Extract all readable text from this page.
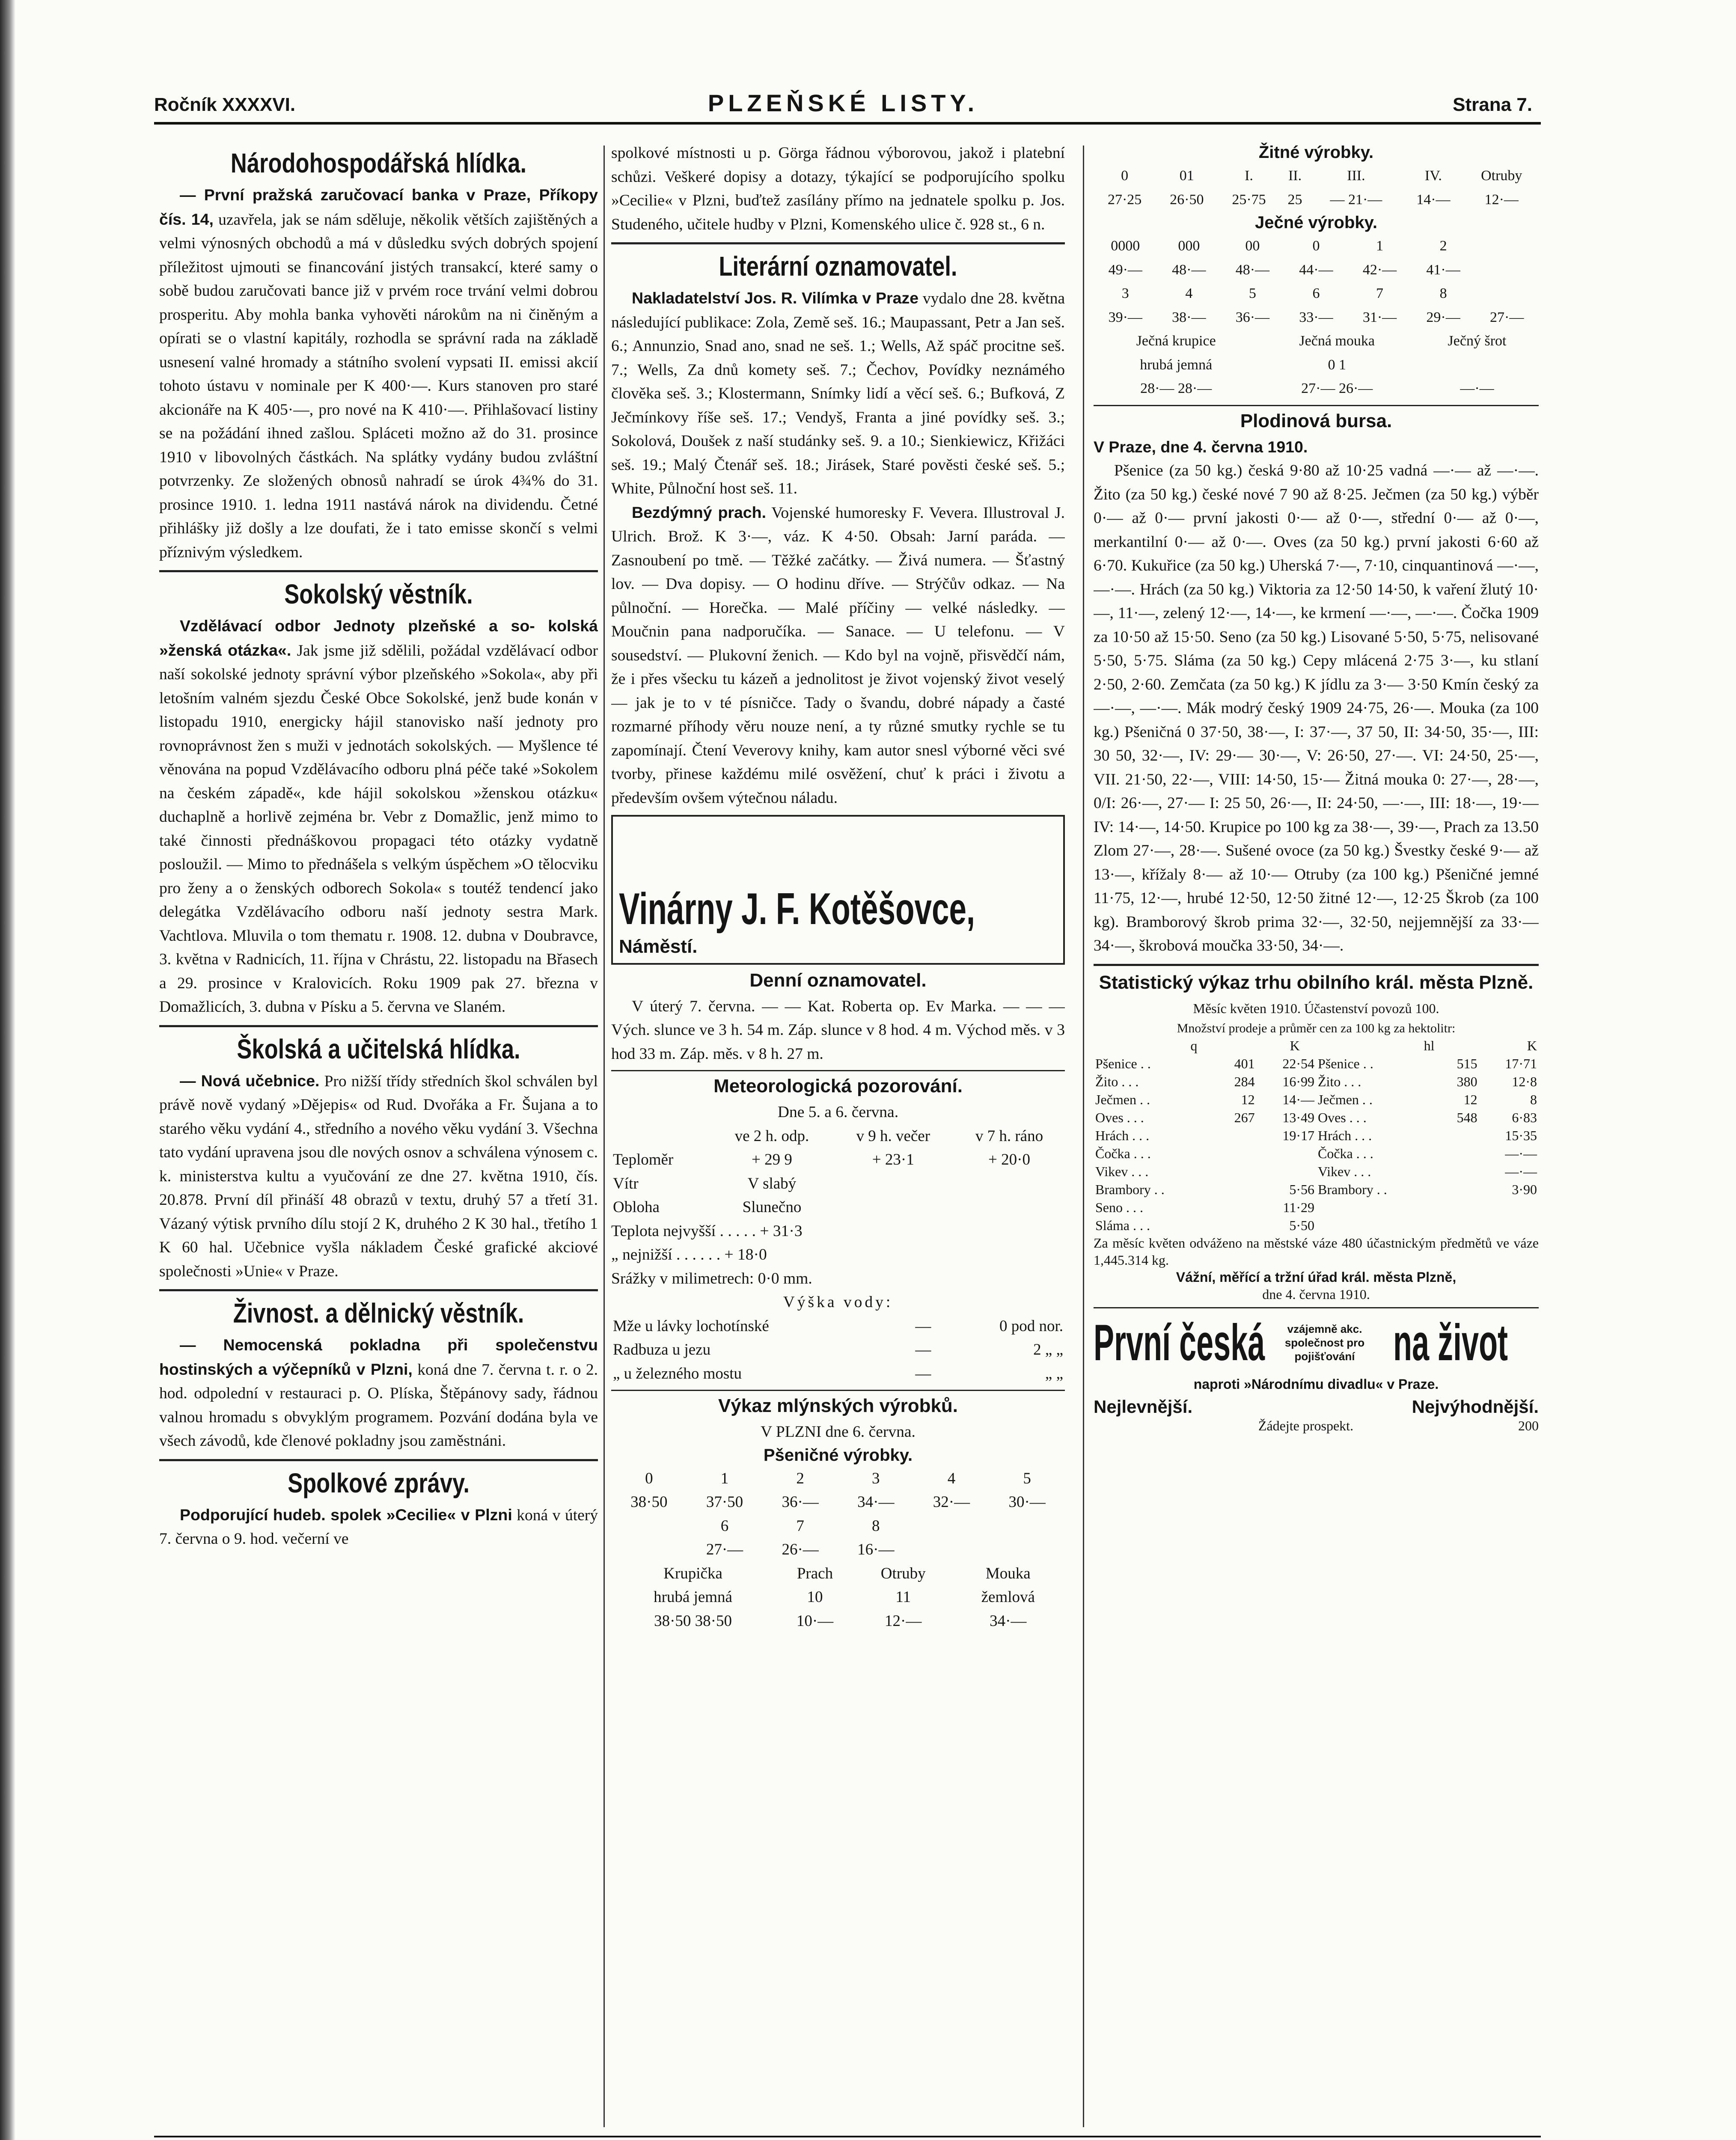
Ročník XXXXVI.	PLZEŇSKÉ LISTY.	Strana 7.
Národohospodářská hlídka.

— První pražská zaručovací banka v Praze, Příkopy čís. 14, uzavřela, jak se nám sděluje, několik větších zajištěných a velmi výnosných obchodů a má v důsledku svých dobrých spojení příležitost ujmouti se financování jistých transakcí, které samy o sobě budou zaručovati bance již v prvém roce trvání velmi dobrou prosperitu. Aby mohla banka vyhověti nárokům na ni činěným a opírati se o vlastní kapitály, rozhodla se správní rada na základě usnesení valné hromady a státního svolení vypsati II. emissi akcií tohoto ústavu v nominale per K 400·—. Kurs stanoven pro staré akcionáře na K 405·—, pro nové na K 410·—. Přihlašovací listiny se na požádání ihned zašlou. Spláceti možno až do 31. prosince 1910 v libovolných částkách. Na splátky vydány budou zvláštní potvrzenky. Ze složených obnosů nahradí se úrok 4¾% do 31. prosince 1910. 1. ledna 1911 nastává nárok na dividendu. Četné přihlášky již došly a lze doufati, že i tato emisse skončí s velmi příznivým výsledkem.

Sokolský věstník.

Vzdělávací odbor Jednoty plzeňské a so- kolská »ženská otázka«. Jak jsme již sdělili, požádal vzdělávací odbor naší sokolské jednoty správní výbor plzeňského »Sokola«, aby při letošním valném sjezdu České Obce Sokolské, jenž bude konán v listopadu 1910, energicky hájil stanovisko naší jednoty pro rovnoprávnost žen s muži v jednotách sokolských. — Myšlence té věnována na popud Vzdělávacího odboru plná péče také »Sokolem na českém západě«, kde hájil sokolskou »ženskou otázku« duchaplně a horlivě zejména br. Vebr z Domažlic, jenž mimo to také činnosti přednáškovou propagaci této otázky vydatně posloužil. — Mimo to přednášela s velkým úspěchem »O tělocviku pro ženy a o ženských odborech Sokola« s toutéž tendencí jako delegátka Vzdělávacího odboru naší jednoty sestra Mark. Vachtlova. Mluvila o tom thematu r. 1908. 12. dubna v Doubravce, 3. května v Radnicích, 11. října v Chrástu, 22. listopadu na Břasech a 29. prosince v Kralovicích. Roku 1909 pak 27. března v Domažlicích, 3. dubna v Písku a 5. června ve Slaném.

Školská a učitelská hlídka.

— Nová učebnice. Pro nižší třídy středních škol schválen byl právě nově vydaný »Dějepis« od Rud. Dvořáka a Fr. Šujana a to starého věku vydání 4., středního a nového věku vydání 3. Všechna tato vydání upravena jsou dle nových osnov a schválena výnosem c. k. ministerstva kultu a vyučování ze dne 27. května 1910, čís. 20.878. První díl přináší 48 obrazů v textu, druhý 57 a třetí 31. Vázaný výtisk prvního dílu stojí 2 K, druhého 2 K 30 hal., třetího 1 K 60 hal. Učebnice vyšla nákladem České grafické akciové společnosti »Unie« v Praze.

Živnost. a dělnický věstník.

— Nemocenská pokladna při společenstvu hostinských a výčepníků v Plzni, koná dne 7. června t. r. o 2. hod. odpolední v restauraci p. O. Plíska, Štěpánovy sady, řádnou valnou hromadu s obvyklým programem. Pozvání dodána byla ve všech závodů, kde členové pokladny jsou zaměstnáni.

Spolkové zprávy.

Podporující hudeb. spolek »Cecilie« v Plzni koná v úterý 7. června o 9. hod. večerní ve

spolkové místnosti u p. Görga řádnou výborovou, jakož i platební schůzi. Veškeré dopisy a dotazy, týkající se podporujícího spolku »Cecilie« v Plzni, buďtež zasílány přímo na jednatele spolku p. Jos. Studeného, učitele hudby v Plzni, Komenského ulice č. 928 st., 6 n.

Literární oznamovatel.

Nakladatelství Jos. R. Vilímka v Praze vydalo dne 28. května následující publikace: Zola, Země seš. 16.; Maupassant, Petr a Jan seš. 6.; Annunzio, Snad ano, snad ne seš. 1.; Wells, Až spáč procitne seš. 7.; Wells, Za dnů komety seš. 7.; Čechov, Povídky neznámého člověka seš. 3.; Klostermann, Snímky lidí a věcí seš. 6.; Bufková, Z Ječmínkovy říše seš. 17.; Vendyš, Franta a jiné povídky seš. 3.; Sokolová, Doušek z naší studánky seš. 9. a 10.; Sienkiewicz, Křižáci seš. 19.; Malý Čtenář seš. 18.; Jirásek, Staré pověsti české seš. 5.; White, Půlnoční host seš. 11.

Bezdýmný prach. Vojenské humoresky F. Vevera. Illustroval J. Ulrich. Brož. K 3·—, váz. K 4·50. Obsah: Jarní paráda. — Zasnoubení po tmě. — Těžké začátky. — Živá numera. — Šťastný lov. — Dva dopisy. — O hodinu dříve. — Strýčův odkaz. — Na půlnoční. — Horečka. — Malé příčiny — velké následky. — Moučnin pana nadporučíka. — Sanace. — U telefonu. — V sousedství. — Plukovní ženich. — Kdo byl na vojně, přisvědčí nám, že i přes všecku tu kázeň a jednolitost je život vojenský život veselý — jak je to v té písničce. Tady o švandu, dobré nápady a časté rozmarné příhody věru nouze není, a ty různé smutky rychle se tu zapomínají. Čtení Veverovy knihy, kam autor snesl výborné věci své tvorby, přinese každému milé osvěžení, chuť k práci i životu a především ovšem výtečnou náladu.

Vinárny J. F. Kotěšovce,
Náměstí.
Denní oznamovatel.

V úterý 7. června. — — Kat. Roberta op. Ev Marka. — — — Vých. slunce ve 3 h. 54 m. Záp. slunce v 8 hod. 4 m. Východ měs. v 3 hod 33 m. Záp. měs. v 8 h. 27 m.

Meteorologická pozorování.
Dne 5. a 6. června.
	ve 2 h. odp.	v 9 h. večer	v 7 h. ráno
Teploměr	+ 29 9	+ 23·1	+ 20·0
Vítr	V slabý		
Obloha	Slunečno		
Teplota nejvyšší . . . . . + 31·3
„ nejnižší . . . . . . + 18·0
Srážky v milimetrech: 0·0 mm.
Výška vody:
Mže u lávky lochotínské	—	0 pod nor.
Radbuza u jezu	—	2 „ „
„ u železného mostu	—	„ „
Výkaz mlýnských výrobků.
V PLZNI dne 6. června.
Pšeničné výrobky.
0	1	2	3	4	5
38·50	37·50	36·—	34·—	32·—	30·—
	6	7	8		
	27·—	26·—	16·—		
Krupička	Prach	Otruby	Mouka
hrubá jemná	10	11	žemlová
38·50 38·50	10·—	12·—	34·—
Žitné výrobky.
0	01	I.	II.	III.	IV.	Otruby
27·25	26·50	25·75	25	— 21·—	14·—	12·—
Ječné výrobky.
0000	000	00	0	1	2	
49·—	48·—	48·—	44·—	42·—	41·—	
3	4	5	6	7	8	
39·—	38·—	36·—	33·—	31·—	29·—	27·—
Ječná krupice	Ječná mouka	Ječný šrot
hrubá jemná	0 1	
28·— 28·—	27·— 26·—	—·—
Plodinová bursa.
V Praze, dne 4. června 1910.

Pšenice (za 50 kg.) česká 9·80 až 10·25 vadná —·— až —·—. Žito (za 50 kg.) české nové 7 90 až 8·25. Ječmen (za 50 kg.) výběr 0·— až 0·— první jakosti 0·— až 0·—, střední 0·— až 0·—, merkantilní 0·— až 0·—. Oves (za 50 kg.) první jakosti 6·60 až 6·70. Kukuřice (za 50 kg.) Uherská 7·—, 7·10, cinquantinová —·—, —·—. Hrách (za 50 kg.) Viktoria za 12·50 14·50, k vaření žlutý 10·—, 11·—, zelený 12·—, 14·—, ke krmení —·—, —·—. Čočka 1909 za 10·50 až 15·50. Seno (za 50 kg.) Lisované 5·50, 5·75, nelisované 5·50, 5·75. Sláma (za 50 kg.) Cepy mlácená 2·75 3·—, ku stlaní 2·50, 2·60. Zemčata (za 50 kg.) K jídlu za 3·— 3·50 Kmín český za —·—, —·—. Mák modrý český 1909 24·75, 26·—. Mouka (za 100 kg.) Pšeničná 0 37·50, 38·—, I: 37·—, 37 50, II: 34·50, 35·—, III: 30 50, 32·—, IV: 29·— 30·—, V: 26·50, 27·—. VI: 24·50, 25·—, VII. 21·50, 22·—, VIII: 14·50, 15·— Žitná mouka 0: 27·—, 28·—, 0/I: 26·—, 27·— I: 25 50, 26·—, II: 24·50, —·—, III: 18·—, 19·— IV: 14·—, 14·50. Krupice po 100 kg za 38·—, 39·—, Prach za 13.50 Zlom 27·—, 28·—. Sušené ovoce (za 50 kg.) Švestky české 9·— až 13·—, křížaly 8·— až 10·— Otruby (za 100 kg.) Pšeničné jemné 11·75, 12·—, hrubé 12·50, 12·50 žitné 12·—, 12·25 Škrob (za 100 kg). Bramborový škrob prima 32·—, 32·50, nejjemnější za 33·— 34·—, škrobová moučka 33·50, 34·—.

Statistický výkaz trhu obilního král. města Plzně.
Měsíc květen 1910. Účastenství povozů 100.
Množství prodeje a průměr cen za 100 kg za hektolitr:
	q	K		hl	K
Pšenice . .	401	22·54	Pšenice . .	515	17·71
Žito . . .	284	16·99	Žito . . .	380	12·8
Ječmen . .	12	14·—	Ječmen . .	12	8
Oves . . .	267	13·49	Oves . . .	548	6·83
Hrách . . .		19·17	Hrách . . .		15·35
Čočka . . .			Čočka . . .		—·—
Vikev . . .			Vikev . . .		—·—
Brambory . .		5·56	Brambory . .		3·90
Seno . . .		11·29			
Sláma . . .		5·50			
Za měsíc květen odváženo na městské váze 480 účastnickým předmětů ve váze 1,445.314 kg.
Vážní, měřící a tržní úřad král. města Plzně,
dne 4. června 1910.
První česká vzájemně akc. společnost pro pojišťování na život
naproti »Národnímu divadlu« v Praze.
Nejlevnější.	Nejvýhodnější.
Žádejte prospekt.	200
